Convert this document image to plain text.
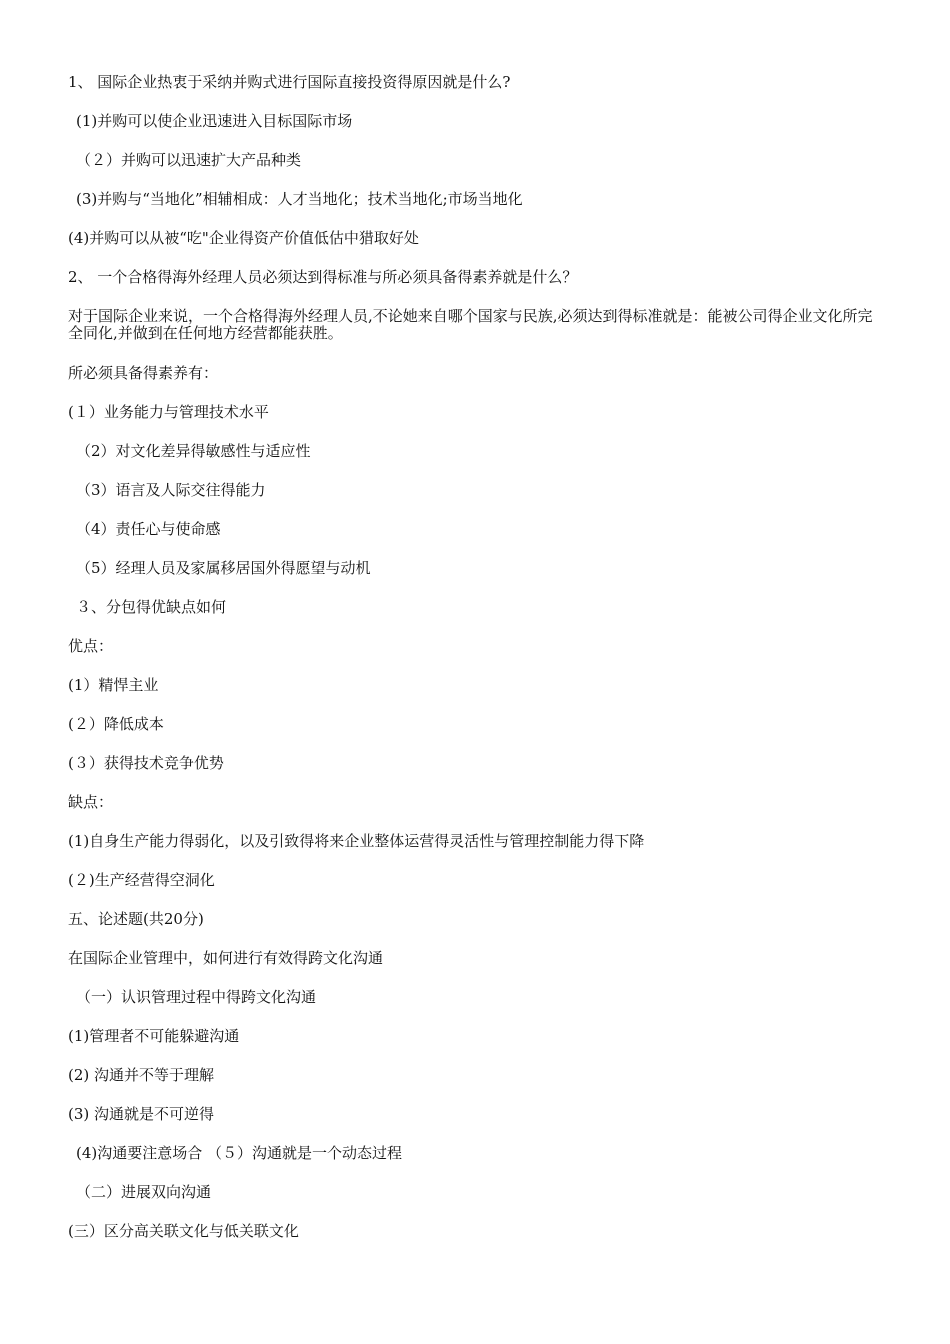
1、 国际企业热衷于采纳并购式进行国际直接投资得原因就是什么?
(1)并购可以使企业迅速进入目标国际市场
（２）并购可以迅速扩大产品种类
(3)并购与“当地化”相辅相成：人才当地化；技术当地化;市场当地化
(4)并购可以从被“吃"企业得资产价值低估中猎取好处
2、 一个合格得海外经理人员必须达到得标准与所必须具备得素养就是什么？
对于国际企业来说，一个合格得海外经理人员,不论她来自哪个国家与民族,必须达到得标准就是：能被公司得企业文化所完全同化,并做到在任何地方经营都能获胜。
所必须具备得素养有：
(１）业务能力与管理技术水平
（2）对文化差异得敏感性与适应性
（3）语言及人际交往得能力
（4）责任心与使命感
（5）经理人员及家属移居国外得愿望与动机
３、分包得优缺点如何
优点：
(1）精悍主业
(２）降低成本
(３）获得技术竞争优势
缺点：
(1)自身生产能力得弱化，以及引致得将来企业整体运营得灵活性与管理控制能力得下降
(２)生产经营得空洞化
五、论述题(共20分)
在国际企业管理中，如何进行有效得跨文化沟通
（一）认识管理过程中得跨文化沟通
(1)管理者不可能躲避沟通
(2) 沟通并不等于理解
(3) 沟通就是不可逆得
(4)沟通要注意场合 （５）沟通就是一个动态过程
（二）进展双向沟通
(三）区分高关联文化与低关联文化
